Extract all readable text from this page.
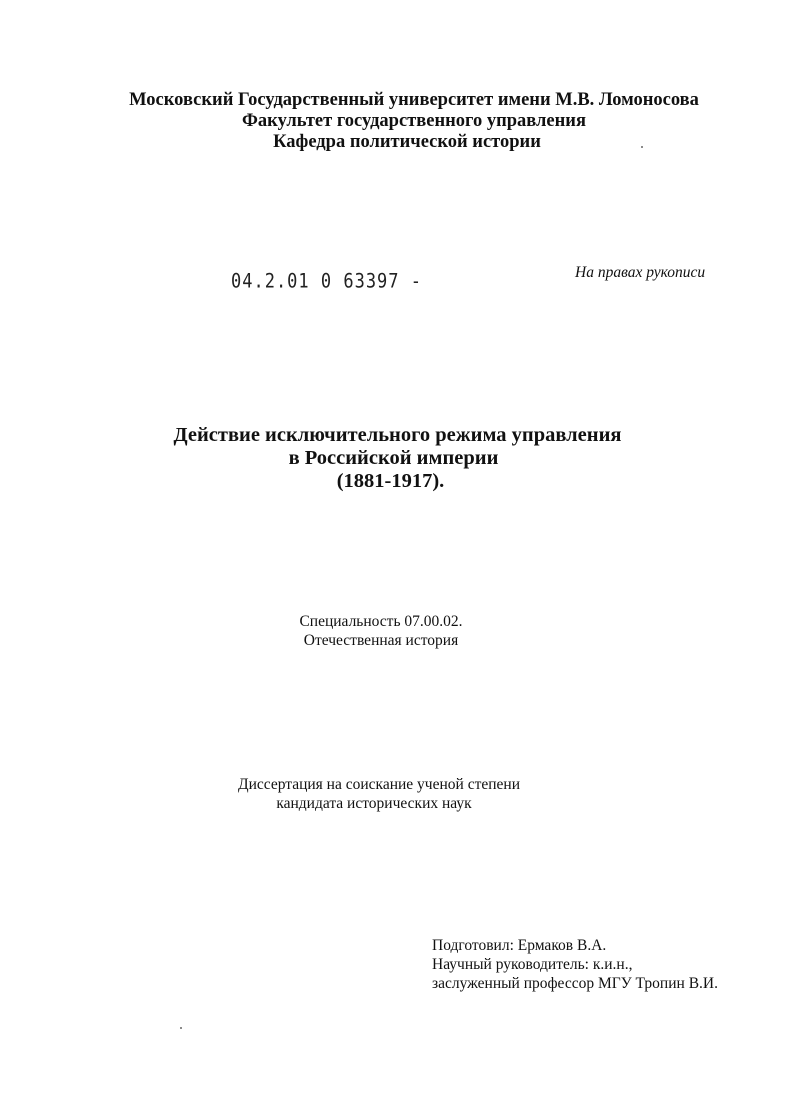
Московский Государственный университет имени М.В. Ломоносова
Факультет государственного управления
Кафедра политической истории
04.2.01 0 63397 -	На правах рукописи
Действие исключительного режима управления
в Российской империи
(1881-1917).
Специальность 07.00.02.
Отечественная история
Диссертация на соискание ученой степени
кандидата исторических наук
Подготовил: Ермаков В.А.
Научный руководитель: к.и.н.,
заслуженный профессор МГУ Тропин В.И.
